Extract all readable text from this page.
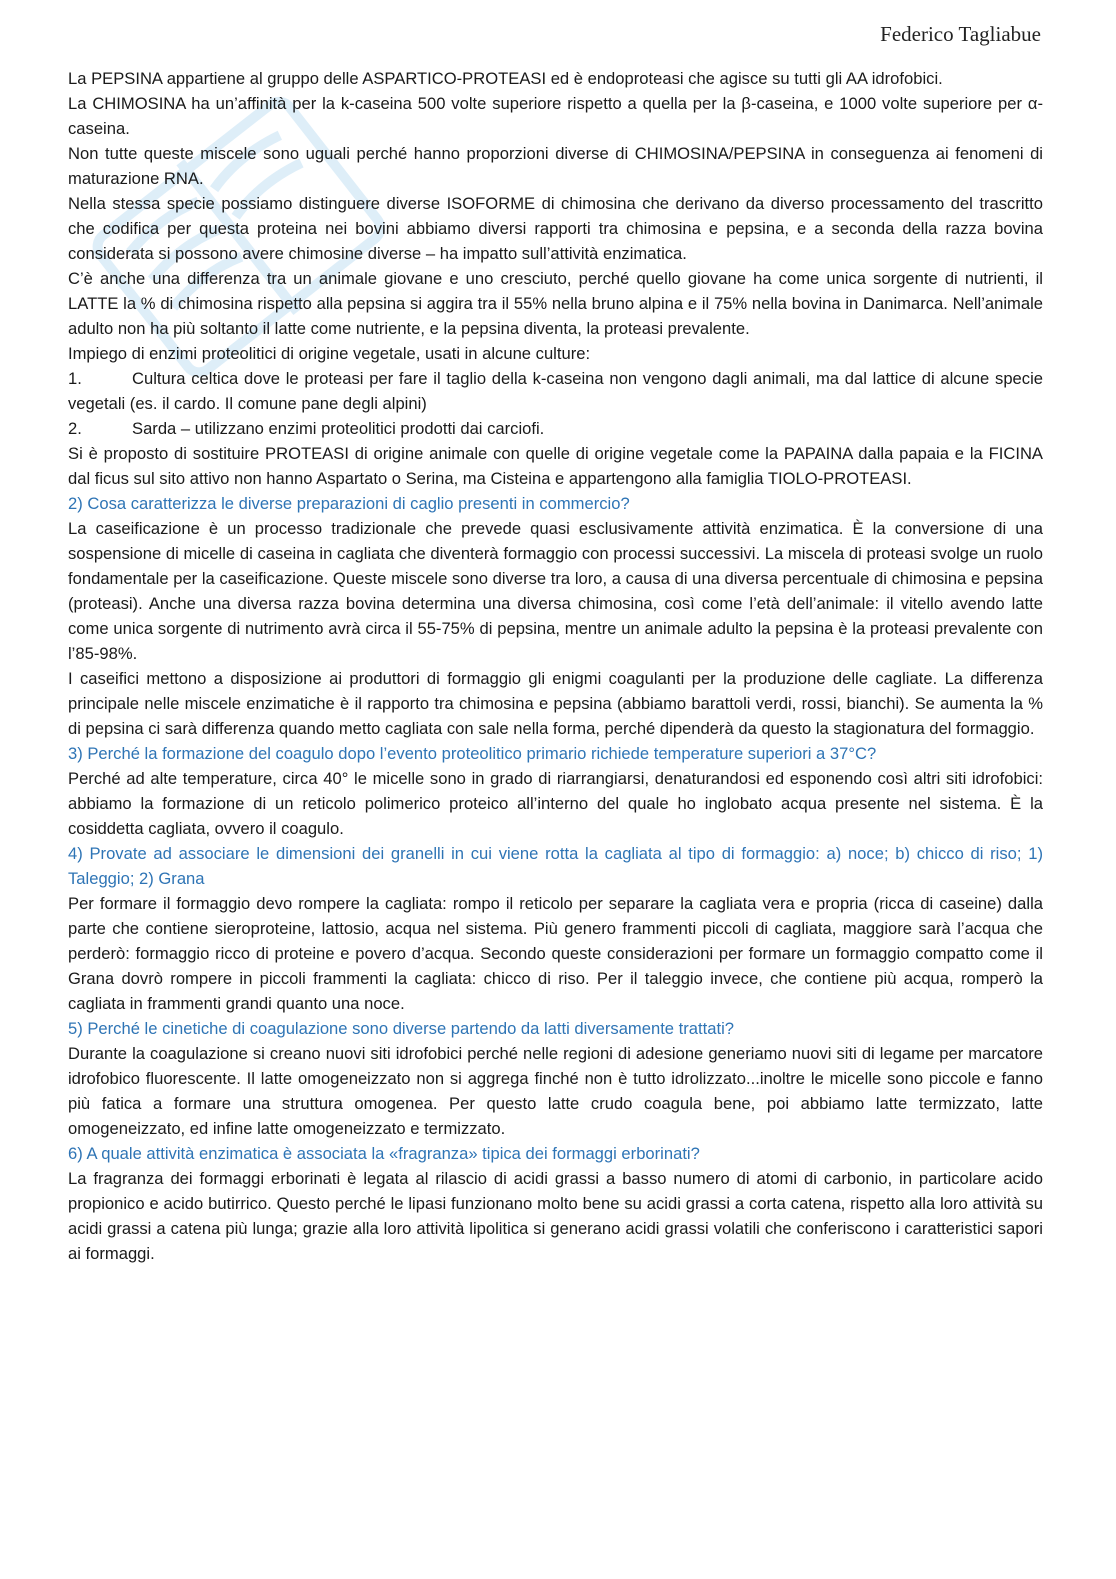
Federico Tagliabue

La PEPSINA appartiene al gruppo delle ASPARTICO-PROTEASI ed è endoproteasi che agisce su tutti gli AA idrofobici.

La CHIMOSINA ha un’affinità per la k-caseina 500 volte superiore rispetto a quella per la β-caseina, e 1000 volte superiore per α-caseina.

Non tutte queste miscele sono uguali perché hanno proporzioni diverse di CHIMOSINA/PEPSINA in conseguenza ai fenomeni di maturazione RNA.

Nella stessa specie possiamo distinguere diverse ISOFORME di chimosina che derivano da diverso processamento del trascritto che codifica per questa proteina nei bovini abbiamo diversi rapporti tra chimosina e pepsina, e a seconda della razza bovina considerata si possono avere chimosine diverse – ha impatto sull’attività enzimatica.

C’è anche una differenza tra un animale giovane e uno cresciuto, perché quello giovane ha come unica sorgente di nutrienti, il LATTE la % di chimosina rispetto alla pepsina si aggira tra il 55% nella bruno alpina e il 75% nella bovina in Danimarca. Nell’animale adulto non ha più soltanto il latte come nutriente, e la pepsina diventa, la proteasi prevalente.

Impiego di enzimi proteolitici di origine vegetale, usati in alcune culture:

1.	Cultura celtica dove le proteasi per fare il taglio della k-caseina non vengono dagli animali, ma dal lattice di alcune specie vegetali (es. il cardo. Il comune pane degli alpini)
2.	Sarda – utilizzano enzimi proteolitici prodotti dai carciofi.

Si è proposto di sostituire PROTEASI di origine animale con quelle di origine vegetale come la PAPAINA dalla papaia e la FICINA dal ficus sul sito attivo non hanno Aspartato o Serina, ma Cisteina e appartengono alla famiglia TIOLO-PROTEASI.

2) Cosa caratterizza le diverse preparazioni di caglio presenti in commercio?

La caseificazione è un processo tradizionale che prevede quasi esclusivamente attività enzimatica. È la conversione di una sospensione di micelle di caseina in cagliata che diventerà formaggio con processi successivi. La miscela di proteasi svolge un ruolo fondamentale per la caseificazione. Queste miscele sono diverse tra loro, a causa di una diversa percentuale di chimosina e pepsina (proteasi). Anche una diversa razza bovina determina una diversa chimosina, così come l’età dell’animale: il vitello avendo latte come unica sorgente di nutrimento avrà circa il 55-75% di pepsina, mentre un animale adulto la pepsina è la proteasi prevalente con l’85-98%.

I caseifici mettono a disposizione ai produttori di formaggio gli enigmi coagulanti per la produzione delle cagliate. La differenza principale nelle miscele enzimatiche è il rapporto tra chimosina e pepsina (abbiamo barattoli verdi, rossi, bianchi). Se aumenta la % di pepsina ci sarà differenza quando metto cagliata con sale nella forma, perché dipenderà da questo la stagionatura del formaggio.

3) Perché la formazione del coagulo dopo l’evento proteolitico primario richiede temperature superiori a 37°C?

Perché ad alte temperature, circa 40° le micelle sono in grado di riarrangiarsi, denaturandosi ed esponendo così altri siti idrofobici: abbiamo la formazione di un reticolo polimerico proteico all’interno del quale ho inglobato acqua presente nel sistema. È la cosiddetta cagliata, ovvero il coagulo.

4) Provate ad associare le dimensioni dei granelli in cui viene rotta la cagliata al tipo di formaggio: a) noce; b) chicco di riso; 1) Taleggio; 2) Grana

Per formare il formaggio devo rompere la cagliata: rompo il reticolo per separare la cagliata vera e propria (ricca di caseine) dalla parte che contiene sieroproteine, lattosio, acqua nel sistema. Più genero frammenti piccoli di cagliata, maggiore sarà l’acqua che perderò: formaggio ricco di proteine e povero d’acqua. Secondo queste considerazioni per formare un formaggio compatto come il Grana dovrò rompere in piccoli frammenti la cagliata: chicco di riso. Per il taleggio invece, che contiene più acqua, romperò la cagliata in frammenti grandi quanto una noce.

5) Perché le cinetiche di coagulazione sono diverse partendo da latti diversamente trattati?

Durante la coagulazione si creano nuovi siti idrofobici perché nelle regioni di adesione generiamo nuovi siti di legame per marcatore idrofobico fluorescente. Il latte omogeneizzato non si aggrega finché non è tutto idrolizzato...inoltre le micelle sono piccole e fanno più fatica a formare una struttura omogenea. Per questo latte crudo coagula bene, poi abbiamo latte termizzato, latte omogeneizzato, ed infine latte omogeneizzato e termizzato.

6) A quale attività enzimatica è associata la «fragranza» tipica dei formaggi erborinati?

La fragranza dei formaggi erborinati è legata al rilascio di acidi grassi a basso numero di atomi di carbonio, in particolare acido propionico e acido butirrico. Questo perché le lipasi funzionano molto bene su acidi grassi a corta catena, rispetto alla loro attività su acidi grassi a catena più lunga; grazie alla loro attività lipolitica si generano acidi grassi volatili che conferiscono i caratteristici sapori ai formaggi.
